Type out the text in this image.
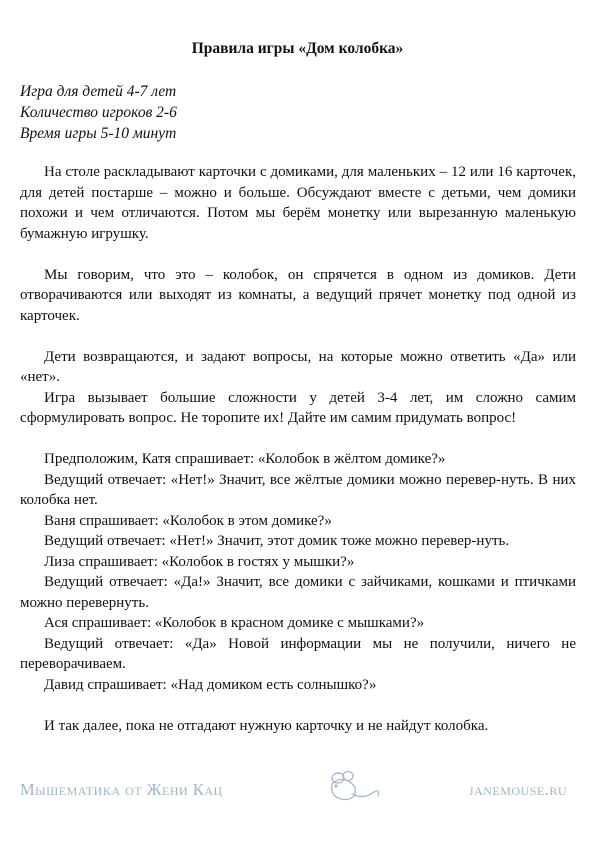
Правила игры «Дом колобка»
Игра для детей 4-7 лет
Количество игроков 2-6
Время игры 5-10 минут

На столе раскладывают карточки с домиками, для маленьких – 12 или 16 карточек, для детей постарше – можно и больше. Обсуждают вместе с детьми, чем домики похожи и чем отличаются. Потом мы берём монетку или вырезанную маленькую бумажную игрушку.

Мы говорим, что это – колобок, он спрячется в одном из домиков. Дети отворачиваются или выходят из комнаты, а ведущий прячет монетку под одной из карточек.

Дети возвращаются, и задают вопросы, на которые можно ответить «Да» или «нет».

Игра вызывает большие сложности у детей 3-4 лет, им сложно самим сформулировать вопрос. Не торопите их! Дайте им самим придумать вопрос!

Предположим, Катя спрашивает: «Колобок в жёлтом домике?»

Ведущий отвечает: «Нет!» Значит, все жёлтые домики можно перевер-нуть. В них колобка нет.

Ваня спрашивает: «Колобок в этом домике?»

Ведущий отвечает: «Нет!» Значит, этот домик тоже можно перевер-нуть.

Лиза спрашивает: «Колобок в гостях у мышки?»

Ведущий отвечает: «Да!» Значит, все домики с зайчиками, кошками и птичками можно перевернуть.

Ася спрашивает: «Колобок в красном домике с мышками?»

Ведущий отвечает: «Да» Новой информации мы не получили, ничего не переворачиваем.

Давид спрашивает: «Над домиком есть солнышко?»

И так далее, пока не отгадают нужную карточку и не найдут колобка.

Мышематика от Жени Кац	janemouse.ru
